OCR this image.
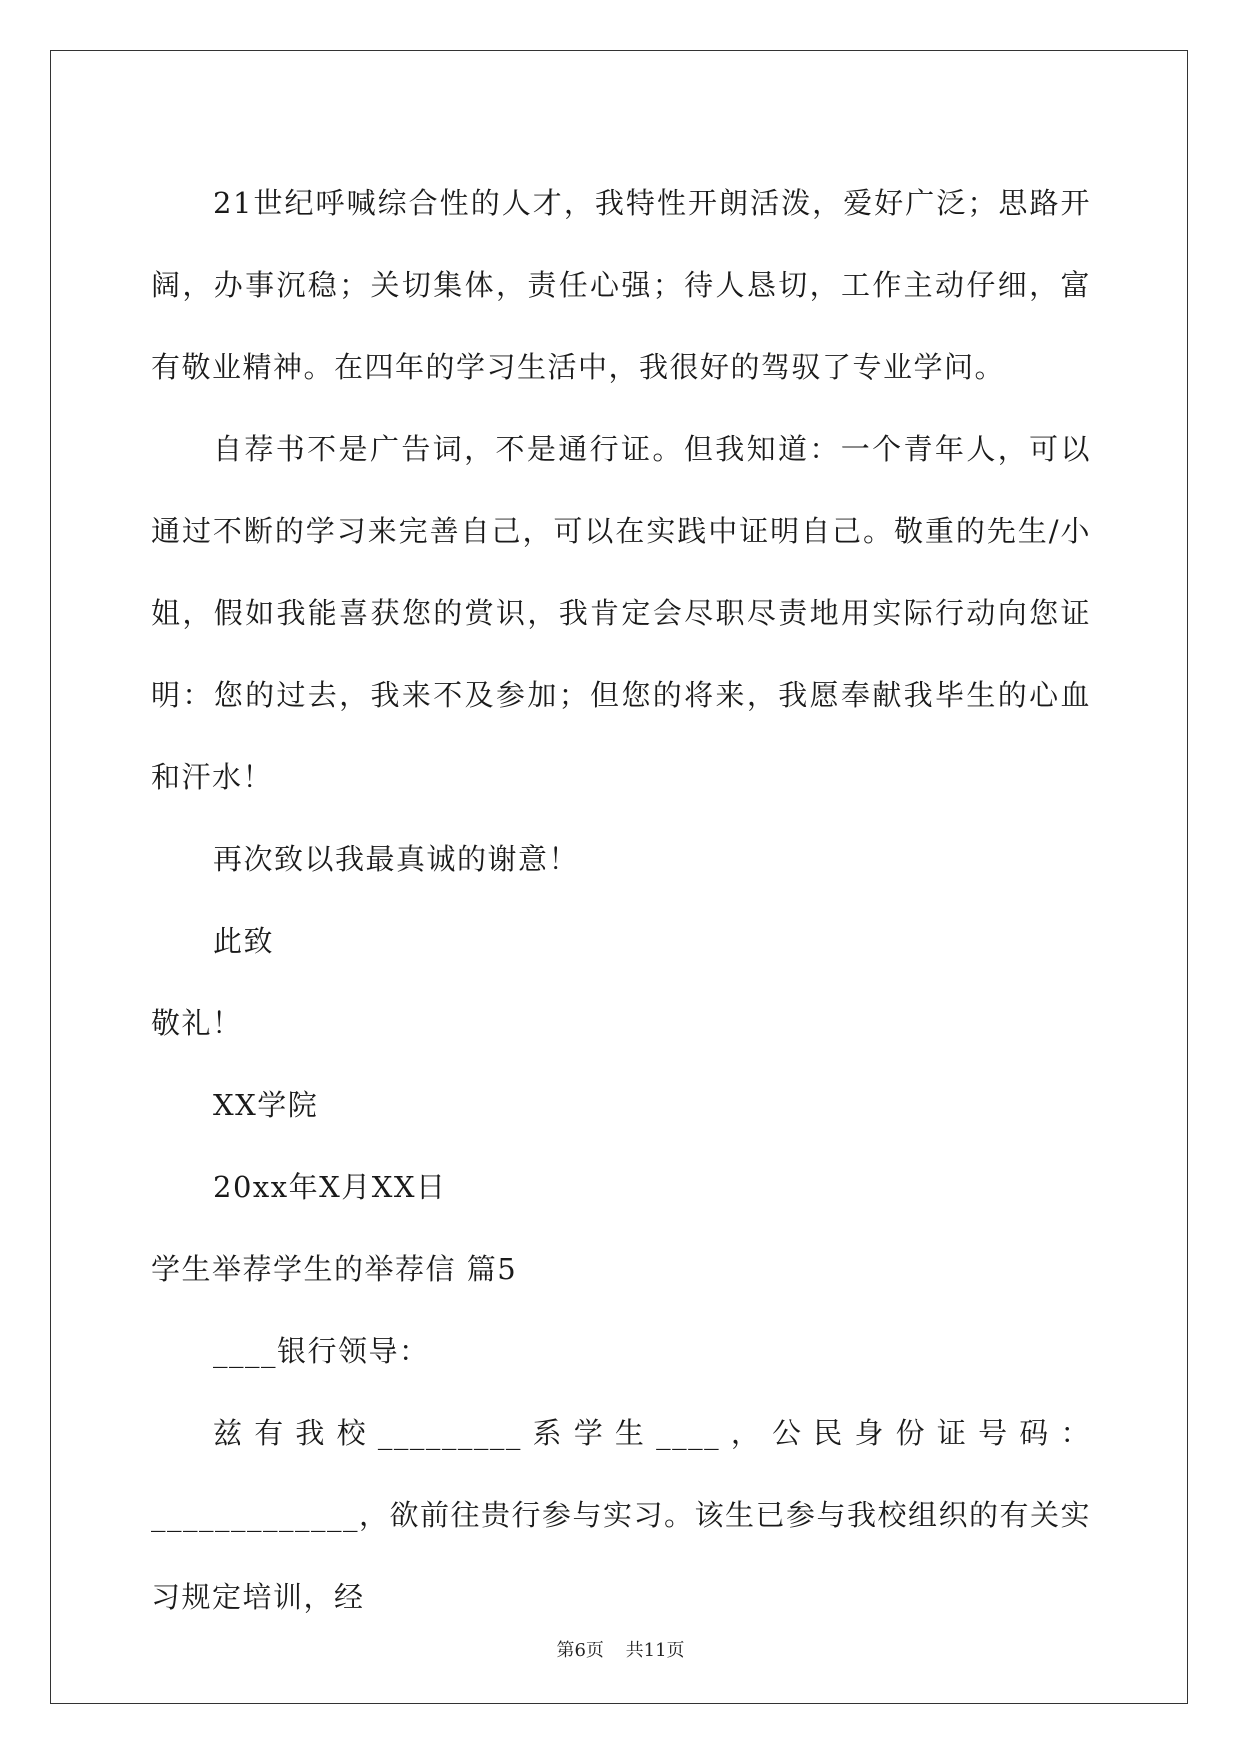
21世纪呼喊综合性的人才，我特性开朗活泼，爱好广泛；思路开阔，办事沉稳；关切集体，责任心强；待人恳切，工作主动仔细，富有敬业精神。在四年的学习生活中，我很好的驾驭了专业学问。

自荐书不是广告词，不是通行证。但我知道：一个青年人，可以通过不断的学习来完善自己，可以在实践中证明自己。敬重的先生/小姐，假如我能喜获您的赏识，我肯定会尽职尽责地用实际行动向您证明：您的过去，我来不及参加；但您的将来，我愿奉献我毕生的心血和汗水！

再次致以我最真诚的谢意！

此致

敬礼！

XX学院

20xx年X月XX日

学生举荐学生的举荐信 篇5

____银行领导：

兹有我校_________系学生____，公民身份证号码：_____________，欲前往贵行参与实习。该生已参与我校组织的有关实习规定培训，经

第6页 共11页
